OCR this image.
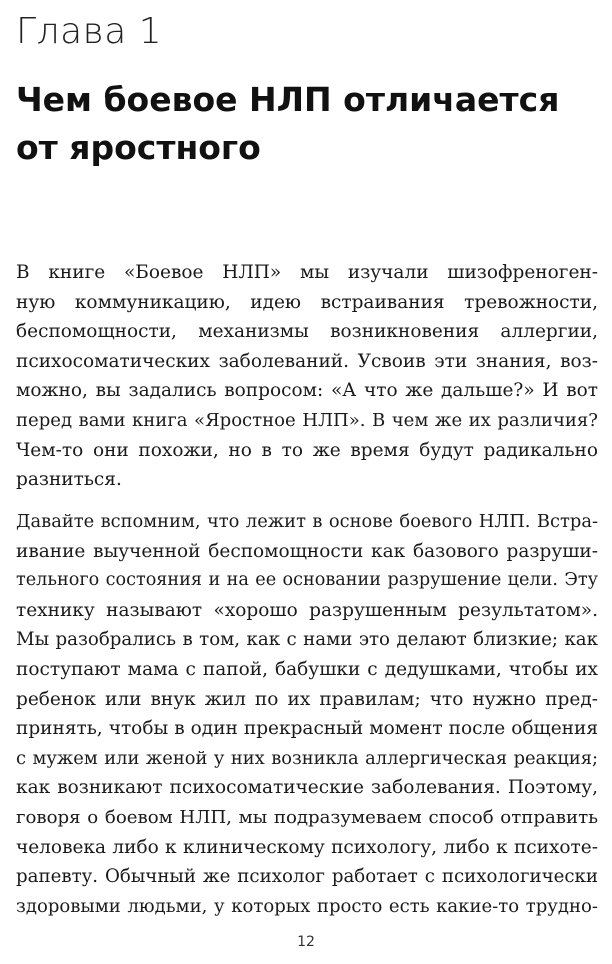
Глава 1
Чем боевое НЛП отличается
от яростного

В книге «Боевое НЛП» мы изучали шизофреноген-
ную коммуникацию, идею встраивания тревожности,
беспомощности, механизмы возникновения аллергии,
психосоматических заболеваний. Усвоив эти знания, воз-
можно, вы задались вопросом: «А что же дальше?» И вот
перед вами книга «Яростное НЛП». В чем же их различия?
Чем-то они похожи, но в то же время будут радикально
разниться.

Давайте вспомним, что лежит в основе боевого НЛП. Встра-
ивание выученной беспомощности как базового разруши-
тельного состояния и на ее основании разрушение цели. Эту
технику называют «хорошо разрушенным результатом».
Мы разобрались в том, как с нами это делают близкие; как
поступают мама с папой, бабушки с дедушками, чтобы их
ребенок или внук жил по их правилам; что нужно пред-
принять, чтобы в один прекрасный момент после общения
с мужем или женой у них возникла аллергическая реакция;
как возникают психосоматические заболевания. Поэтому,
говоря о боевом НЛП, мы подразумеваем способ отправить
человека либо к клиническому психологу, либо к психоте-
рапевту. Обычный же психолог работает с психологически
здоровыми людьми, у которых просто есть какие-то трудно-

12
